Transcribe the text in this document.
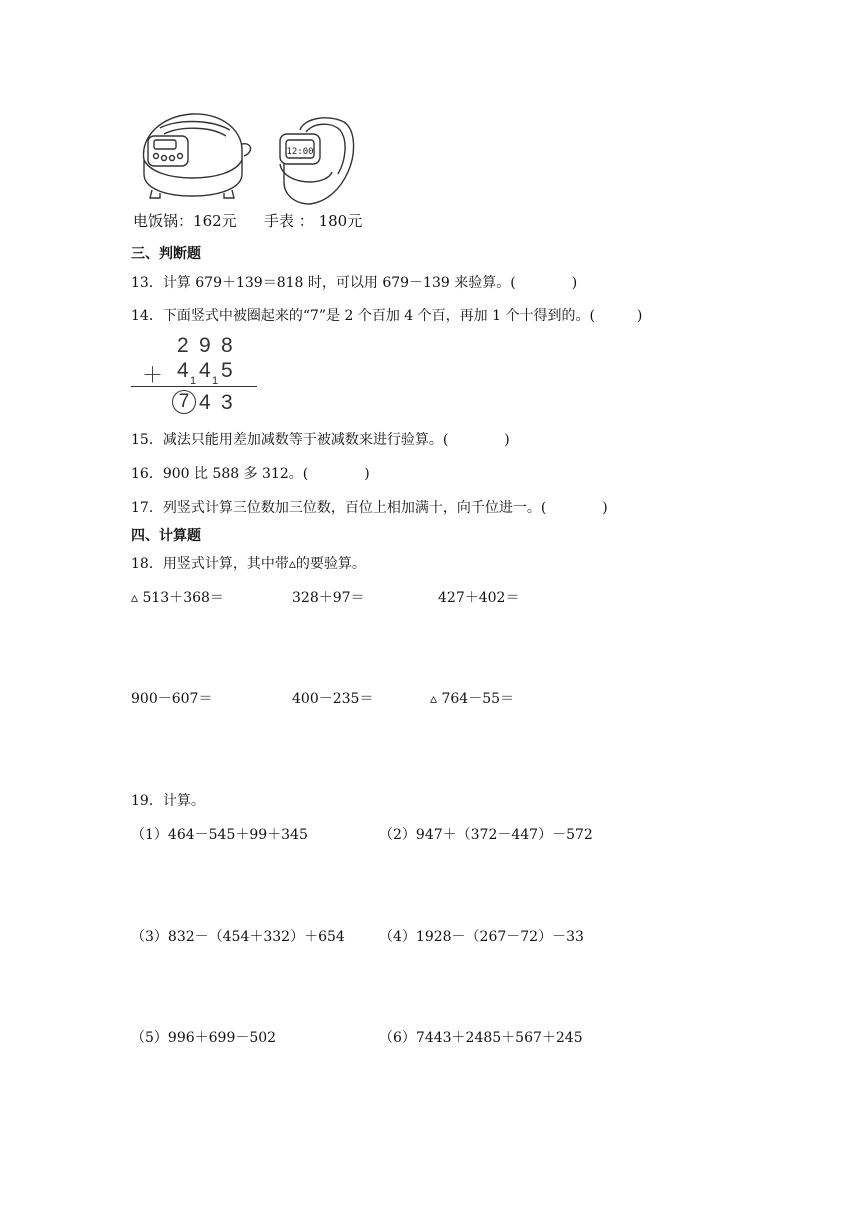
12:00
电饭锅：162元 手表 ： 180元
三、判断题
13．计算 679＋139＝818 时，可以用 679－139 来验算。(	)
14．下面竖式中被圈起来的“7”是 2 个百加 4 个百，再加 1 个十得到的。(	)
2 9 8
＋ 4 1 4 1 5
7 4 3
15．减法只能用差加减数等于被减数来进行验算。(	)
16．900 比 588 多 312。(	)
17．列竖式计算三位数加三位数，百位上相加满十，向千位进一。(	)
四、计算题
18．用竖式计算，其中带▵的要验算。
▵ 513＋368＝	328＋97＝	427＋402＝
900－607＝	400－235＝	▵ 764－55＝
19．计算。
（1）464－545＋99＋345	（2）947＋（372－447）－572
（3）832－（454＋332）＋654 （4）1928－（267－72）－33
（5）996＋699－502	（6）7443＋2485＋567＋245
